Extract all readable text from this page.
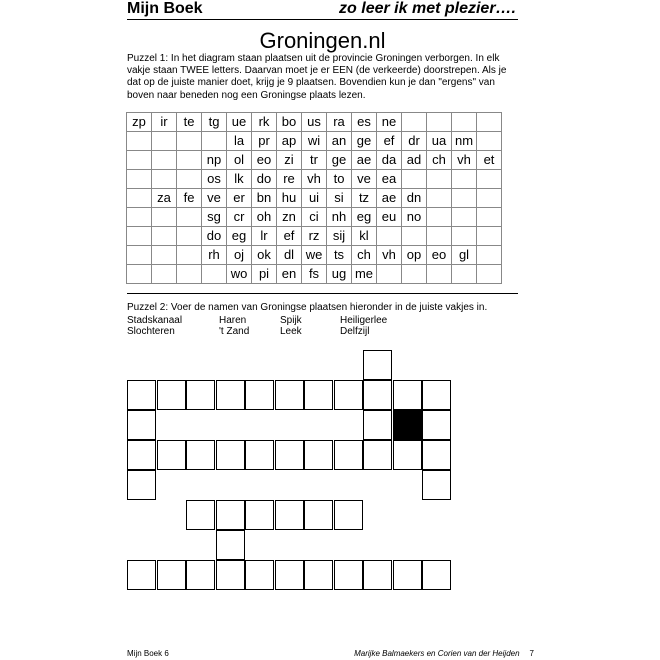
Mijn Boek	zo leer ik met plezier….
Groningen.nl
Puzzel 1: In het diagram staan plaatsen uit de provincie Groningen verborgen. In elk vakje staan TWEE letters. Daarvan moet je er EEN (de verkeerde) doorstrepen. Als je dat op de juiste manier doet, krijg je 9 plaatsen. Bovendien kun je dan "ergens" van boven naar beneden nog een Groningse plaats lezen.
zp	ir	te	tg	ue	rk	bo	us	ra	es	ne				
				la	pr	ap	wi	an	ge	ef	dr	ua	nm	
			np	ol	eo	zi	tr	ge	ae	da	ad	ch	vh	et
			os	lk	do	re	vh	to	ve	ea				
	za	fe	ve	er	bn	hu	ui	si	tz	ae	dn			
			sg	cr	oh	zn	ci	nh	eg	eu	no			
			do	eg	lr	ef	rz	sij	kl					
			rh	oj	ok	dl	we	ts	ch	vh	op	eo	gl	
				wo	pi	en	fs	ug	me					
Puzzel 2: Voer de namen van Groningse plaatsen hieronder in de juiste vakjes in.
Stadskanaal	Haren	Spijk	Heiligerlee
Slochteren	't Zand	Leek	Delfzijl
Mijn Boek 6	Marijke Balmaekers en Corien van der Heijden 7
